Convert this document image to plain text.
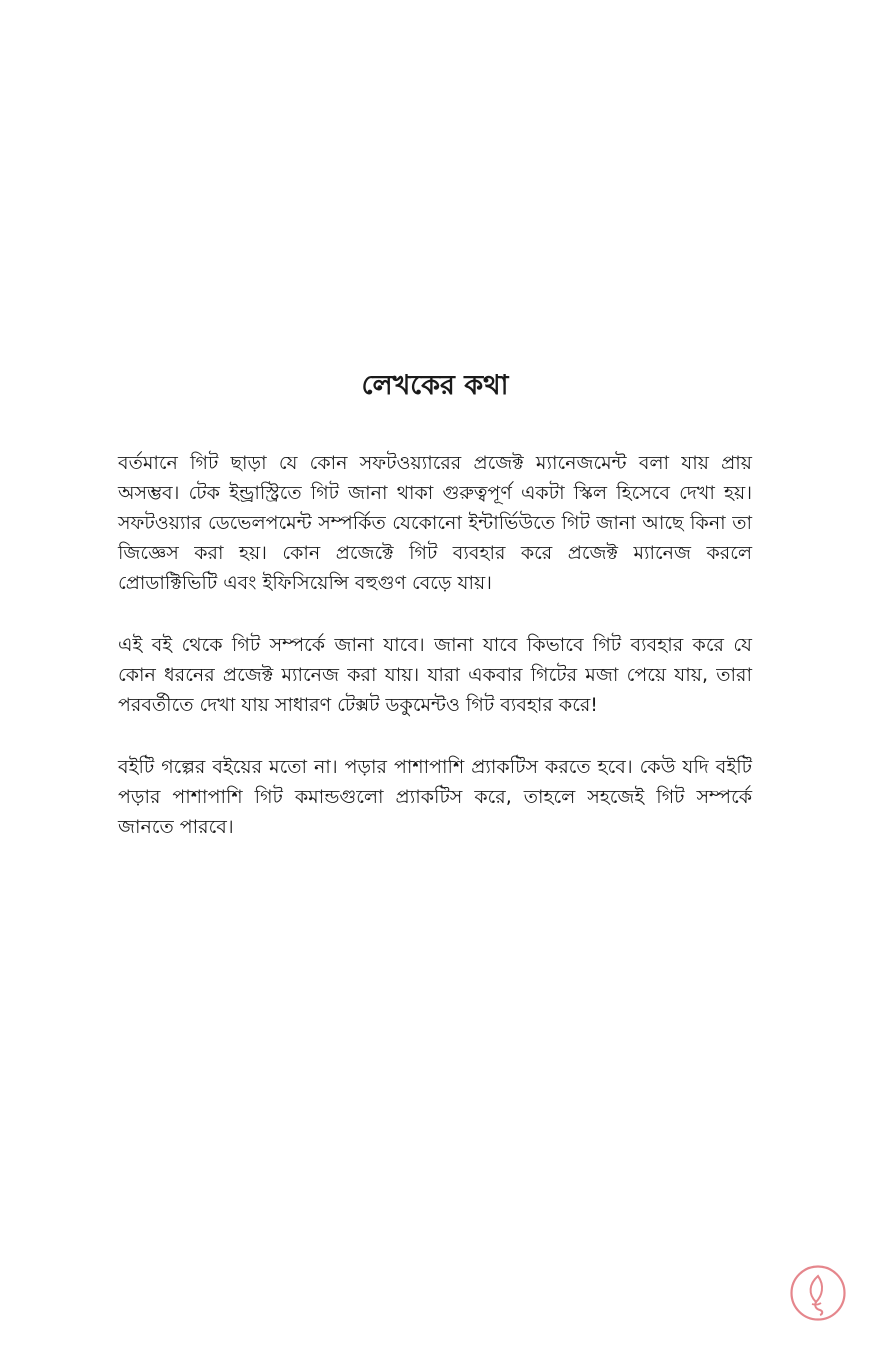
লেখকের কথা

বর্তমানে গিট ছাড়া যে কোন সফটওয়্যারের প্রজেক্ট ম্যানেজমেন্ট বলা যায় প্রায় অসম্ভব। টেক ইন্ড্রাস্ট্রিতে গিট জানা থাকা গুরুত্বপূর্ণ একটা স্কিল হিসেবে দেখা হয়। সফটওয়্যার ডেভেলপমেন্ট সম্পর্কিত যেকোনো ইন্টার্ভিউতে গিট জানা আছে কিনা তা জিজ্ঞেস করা হয়। কোন প্রজেক্টে গিট ব্যবহার করে প্রজেক্ট ম্যানেজ করলে প্রোডাক্টিভিটি এবং ইফিসিয়েন্সি বহুগুণ বেড়ে যায়।

এই বই থেকে গিট সম্পর্কে জানা যাবে। জানা যাবে কিভাবে গিট ব্যবহার করে যে কোন ধরনের প্রজেক্ট ম্যানেজ করা যায়। যারা একবার গিটের মজা পেয়ে যায়, তারা পরবর্তীতে দেখা যায় সাধারণ টেক্সট ডকুমেন্টও গিট ব্যবহার করে!

বইটি গল্পের বইয়ের মতো না। পড়ার পাশাপাশি প্র্যাকটিস করতে হবে। কেউ যদি বইটি পড়ার পাশাপাশি গিট কমান্ডগুলো প্র্যাকটিস করে, তাহলে সহজেই গিট সম্পর্কে জানতে পারবে।
